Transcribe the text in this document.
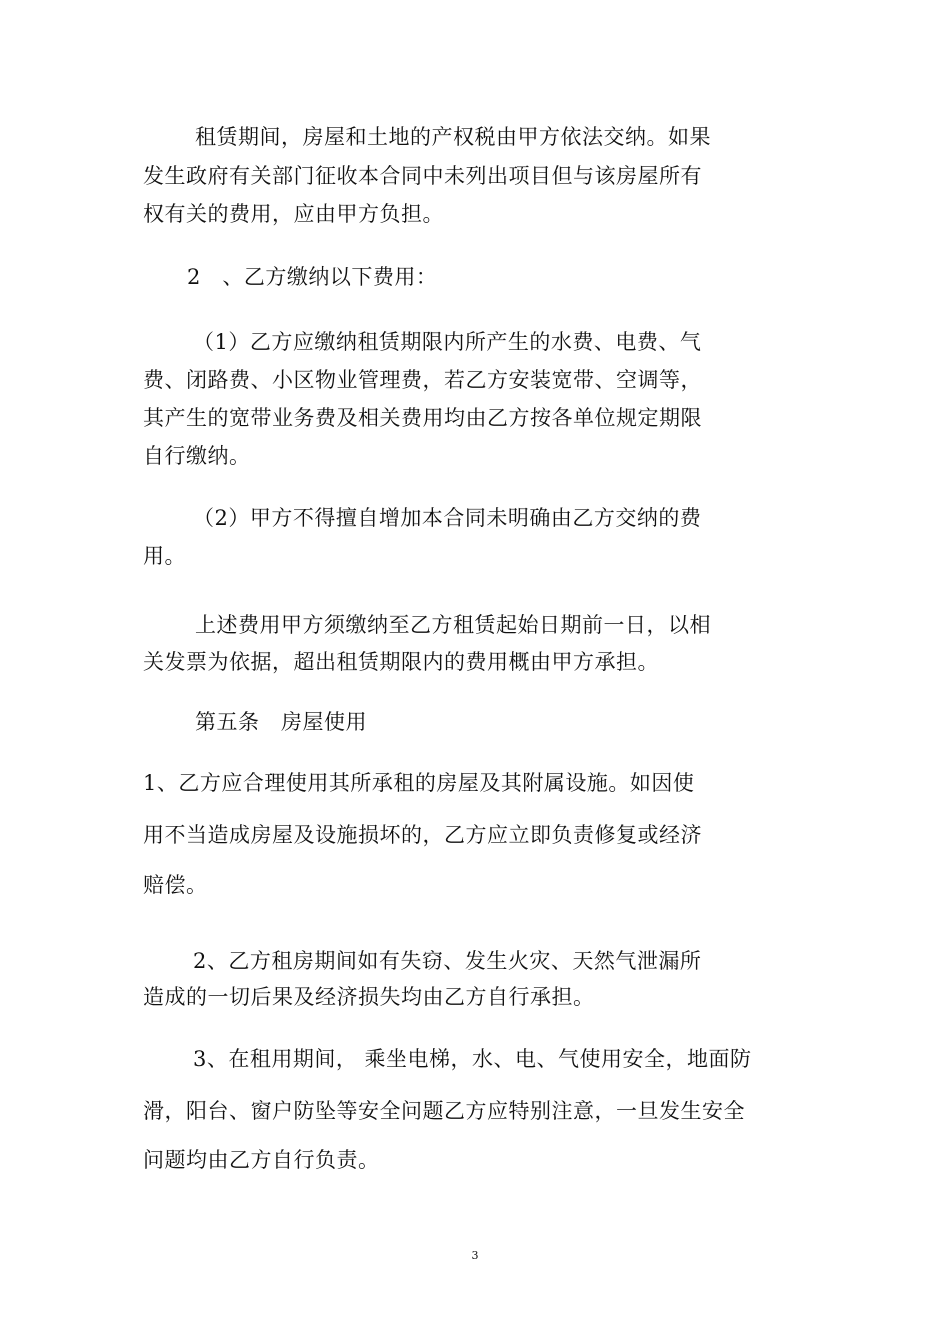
租赁期间，房屋和土地的产权税由甲方依法交纳。如果
发生政府有关部门征收本合同中未列出项目但与该房屋所有
权有关的费用，应由甲方负担。
2　、乙方缴纳以下费用：
（1）乙方应缴纳租赁期限内所产生的水费、电费、气
费、闭路费、小区物业管理费，若乙方安装宽带、空调等，
其产生的宽带业务费及相关费用均由乙方按各单位规定期限
自行缴纳。
（2）甲方不得擅自增加本合同未明确由乙方交纳的费
用。
上述费用甲方须缴纳至乙方租赁起始日期前一日，以相
关发票为依据，超出租赁期限内的费用概由甲方承担。
第五条　房屋使用
1、乙方应合理使用其所承租的房屋及其附属设施。如因使
用不当造成房屋及设施损坏的，乙方应立即负责修复或经济
赔偿。
2、乙方租房期间如有失窃、发生火灾、天然气泄漏所
造成的一切后果及经济损失均由乙方自行承担。
3、在租用期间， 乘坐电梯，水、电、气使用安全，地面防
滑，阳台、窗户防坠等安全问题乙方应特别注意，一旦发生安全
问题均由乙方自行负责。
3
